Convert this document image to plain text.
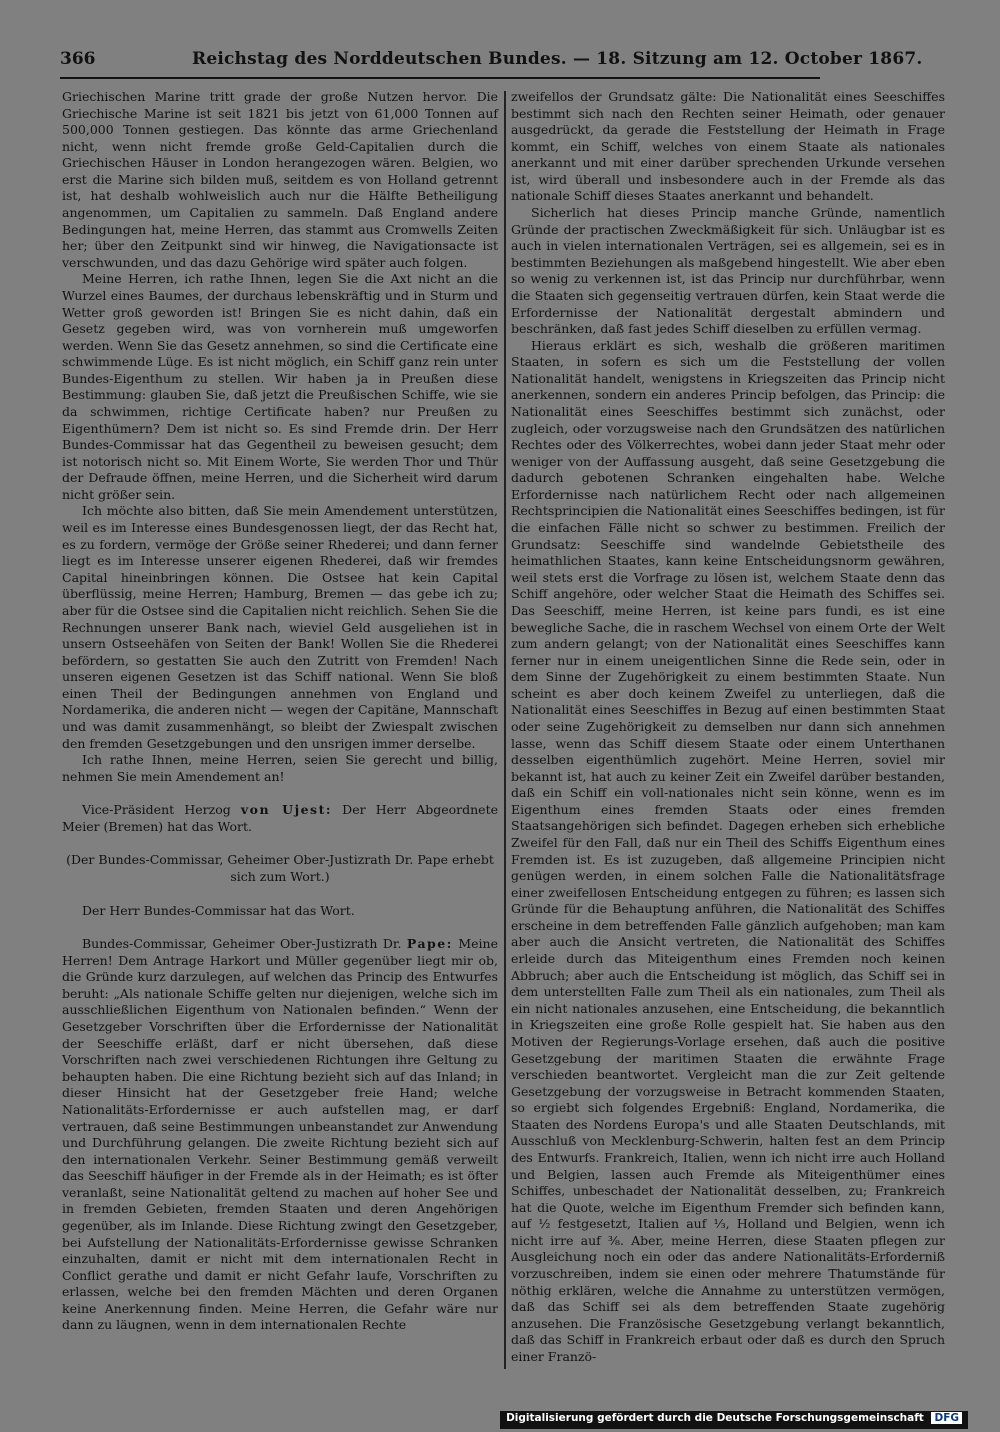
366	Reichstag des Norddeutschen Bundes. — 18. Sitzung am 12. October 1867.

Griechischen Marine tritt grade der große Nutzen hervor. Die Griechische Marine ist seit 1821 bis jetzt von 61,000 Tonnen auf 500,000 Tonnen gestiegen. Das könnte das arme Griechenland nicht, wenn nicht fremde große Geld-Capitalien durch die Griechischen Häuser in London herangezogen wären. Belgien, wo erst die Marine sich bilden muß, seitdem es von Holland getrennt ist, hat deshalb wohlweislich auch nur die Hälfte Betheiligung angenommen, um Capitalien zu sammeln. Daß England andere Bedingungen hat, meine Herren, das stammt aus Cromwells Zeiten her; über den Zeitpunkt sind wir hinweg, die Navigationsacte ist verschwunden, und das dazu Gehörige wird später auch folgen.

Meine Herren, ich rathe Ihnen, legen Sie die Axt nicht an die Wurzel eines Baumes, der durchaus lebenskräftig und in Sturm und Wetter groß geworden ist! Bringen Sie es nicht dahin, daß ein Gesetz gegeben wird, was von vornherein muß umgeworfen werden. Wenn Sie das Gesetz annehmen, so sind die Certificate eine schwimmende Lüge. Es ist nicht möglich, ein Schiff ganz rein unter Bundes-Eigenthum zu stellen. Wir haben ja in Preußen diese Bestimmung: glauben Sie, daß jetzt die Preußischen Schiffe, wie sie da schwimmen, richtige Certificate haben? nur Preußen zu Eigenthümern? Dem ist nicht so. Es sind Fremde drin. Der Herr Bundes-Commissar hat das Gegentheil zu beweisen gesucht; dem ist notorisch nicht so. Mit Einem Worte, Sie werden Thor und Thür der Defraude öffnen, meine Herren, und die Sicherheit wird darum nicht größer sein.

Ich möchte also bitten, daß Sie mein Amendement unterstützen, weil es im Interesse eines Bundesgenossen liegt, der das Recht hat, es zu fordern, vermöge der Größe seiner Rhederei; und dann ferner liegt es im Interesse unserer eigenen Rhederei, daß wir fremdes Capital hineinbringen können. Die Ostsee hat kein Capital überflüssig, meine Herren; Hamburg, Bremen — das gebe ich zu; aber für die Ostsee sind die Capitalien nicht reichlich. Sehen Sie die Rechnungen unserer Bank nach, wieviel Geld ausgeliehen ist in unsern Ostseehäfen von Seiten der Bank! Wollen Sie die Rhederei befördern, so gestatten Sie auch den Zutritt von Fremden! Nach unseren eigenen Gesetzen ist das Schiff national. Wenn Sie bloß einen Theil der Bedingungen annehmen von England und Nordamerika, die anderen nicht — wegen der Capitäne, Mannschaft und was damit zusammenhängt, so bleibt der Zwiespalt zwischen den fremden Gesetzgebungen und den unsrigen immer derselbe.

Ich rathe Ihnen, meine Herren, seien Sie gerecht und billig, nehmen Sie mein Amendement an!

Vice-Präsident Herzog von Ujest: Der Herr Abgeordnete Meier (Bremen) hat das Wort.

(Der Bundes-Commissar, Geheimer Ober-Justizrath Dr. Pape erhebt sich zum Wort.)

Der Herr Bundes-Commissar hat das Wort.

Bundes-Commissar, Geheimer Ober-Justizrath Dr. Pape: Meine Herren! Dem Antrage Harkort und Müller gegenüber liegt mir ob, die Gründe kurz darzulegen, auf welchen das Princip des Entwurfes beruht: „Als nationale Schiffe gelten nur diejenigen, welche sich im ausschließlichen Eigenthum von Nationalen befinden.“ Wenn der Gesetzgeber Vorschriften über die Erfordernisse der Nationalität der Seeschiffe erläßt, darf er nicht übersehen, daß diese Vorschriften nach zwei verschiedenen Richtungen ihre Geltung zu behaupten haben. Die eine Richtung bezieht sich auf das Inland; in dieser Hinsicht hat der Gesetzgeber freie Hand; welche Nationalitäts-Erfordernisse er auch aufstellen mag, er darf vertrauen, daß seine Bestimmungen unbeanstandet zur Anwendung und Durchführung gelangen. Die zweite Richtung bezieht sich auf den internationalen Verkehr. Seiner Bestimmung gemäß verweilt das Seeschiff häufiger in der Fremde als in der Heimath; es ist öfter veranlaßt, seine Nationalität geltend zu machen auf hoher See und in fremden Gebieten, fremden Staaten und deren Angehörigen gegenüber, als im Inlande. Diese Richtung zwingt den Gesetzgeber, bei Aufstellung der Nationalitäts-Erfordernisse gewisse Schranken einzuhalten, damit er nicht mit dem internationalen Recht in Conflict gerathe und damit er nicht Gefahr laufe, Vorschriften zu erlassen, welche bei den fremden Mächten und deren Organen keine Anerkennung finden. Meine Herren, die Gefahr wäre nur dann zu läugnen, wenn in dem internationalen Rechte

zweifellos der Grundsatz gälte: Die Nationalität eines Seeschiffes bestimmt sich nach den Rechten seiner Heimath, oder genauer ausgedrückt, da gerade die Feststellung der Heimath in Frage kommt, ein Schiff, welches von einem Staate als nationales anerkannt und mit einer darüber sprechenden Urkunde versehen ist, wird überall und insbesondere auch in der Fremde als das nationale Schiff dieses Staates anerkannt und behandelt.

Sicherlich hat dieses Princip manche Gründe, namentlich Gründe der practischen Zweckmäßigkeit für sich. Unläugbar ist es auch in vielen internationalen Verträgen, sei es allgemein, sei es in bestimmten Beziehungen als maßgebend hingestellt. Wie aber eben so wenig zu verkennen ist, ist das Princip nur durchführbar, wenn die Staaten sich gegenseitig vertrauen dürfen, kein Staat werde die Erfordernisse der Nationalität dergestalt abmindern und beschränken, daß fast jedes Schiff dieselben zu erfüllen vermag.

Hieraus erklärt es sich, weshalb die größeren maritimen Staaten, in sofern es sich um die Feststellung der vollen Nationalität handelt, wenigstens in Kriegszeiten das Princip nicht anerkennen, sondern ein anderes Princip befolgen, das Princip: die Nationalität eines Seeschiffes bestimmt sich zunächst, oder zugleich, oder vorzugsweise nach den Grundsätzen des natürlichen Rechtes oder des Völkerrechtes, wobei dann jeder Staat mehr oder weniger von der Auffassung ausgeht, daß seine Gesetzgebung die dadurch gebotenen Schranken eingehalten habe. Welche Erfordernisse nach natürlichem Recht oder nach allgemeinen Rechtsprincipien die Nationalität eines Seeschiffes bedingen, ist für die einfachen Fälle nicht so schwer zu bestimmen. Freilich der Grundsatz: Seeschiffe sind wandelnde Gebietstheile des heimathlichen Staates, kann keine Entscheidungsnorm gewähren, weil stets erst die Vorfrage zu lösen ist, welchem Staate denn das Schiff angehöre, oder welcher Staat die Heimath des Schiffes sei. Das Seeschiff, meine Herren, ist keine pars fundi, es ist eine bewegliche Sache, die in raschem Wechsel von einem Orte der Welt zum andern gelangt; von der Nationalität eines Seeschiffes kann ferner nur in einem uneigentlichen Sinne die Rede sein, oder in dem Sinne der Zugehörigkeit zu einem bestimmten Staate. Nun scheint es aber doch keinem Zweifel zu unterliegen, daß die Nationalität eines Seeschiffes in Bezug auf einen bestimmten Staat oder seine Zugehörigkeit zu demselben nur dann sich annehmen lasse, wenn das Schiff diesem Staate oder einem Unterthanen desselben eigenthümlich zugehört. Meine Herren, soviel mir bekannt ist, hat auch zu keiner Zeit ein Zweifel darüber bestanden, daß ein Schiff ein voll-nationales nicht sein könne, wenn es im Eigenthum eines fremden Staats oder eines fremden Staatsangehörigen sich befindet. Dagegen erheben sich erhebliche Zweifel für den Fall, daß nur ein Theil des Schiffs Eigenthum eines Fremden ist. Es ist zuzugeben, daß allgemeine Principien nicht genügen werden, in einem solchen Falle die Nationalitätsfrage einer zweifellosen Entscheidung entgegen zu führen; es lassen sich Gründe für die Behauptung anführen, die Nationalität des Schiffes erscheine in dem betreffenden Falle gänzlich aufgehoben; man kam aber auch die Ansicht vertreten, die Nationalität des Schiffes erleide durch das Miteigenthum eines Fremden noch keinen Abbruch; aber auch die Entscheidung ist möglich, das Schiff sei in dem unterstellten Falle zum Theil als ein nationales, zum Theil als ein nicht nationales anzusehen, eine Entscheidung, die bekanntlich in Kriegszeiten eine große Rolle gespielt hat. Sie haben aus den Motiven der Regierungs-Vorlage ersehen, daß auch die positive Gesetzgebung der maritimen Staaten die erwähnte Frage verschieden beantwortet. Vergleicht man die zur Zeit geltende Gesetzgebung der vorzugsweise in Betracht kommenden Staaten, so ergiebt sich folgendes Ergebniß: England, Nordamerika, die Staaten des Nordens Europa's und alle Staaten Deutschlands, mit Ausschluß von Mecklenburg-Schwerin, halten fest an dem Princip des Entwurfs. Frankreich, Italien, wenn ich nicht irre auch Holland und Belgien, lassen auch Fremde als Miteigenthümer eines Schiffes, unbeschadet der Nationalität desselben, zu; Frankreich hat die Quote, welche im Eigenthum Fremder sich befinden kann, auf ½ festgesetzt, Italien auf ⅓, Holland und Belgien, wenn ich nicht irre auf ⅜. Aber, meine Herren, diese Staaten pflegen zur Ausgleichung noch ein oder das andere Nationalitäts-Erforderniß vorzuschreiben, indem sie einen oder mehrere Thatumstände für nöthig erklären, welche die Annahme zu unterstützen vermögen, daß das Schiff sei als dem betreffenden Staate zugehörig anzusehen. Die Französische Gesetzgebung verlangt bekanntlich, daß das Schiff in Frankreich erbaut oder daß es durch den Spruch einer Franzö-

Digitalisierung gefördert durch die Deutsche Forschungsgemeinschaft DFG
